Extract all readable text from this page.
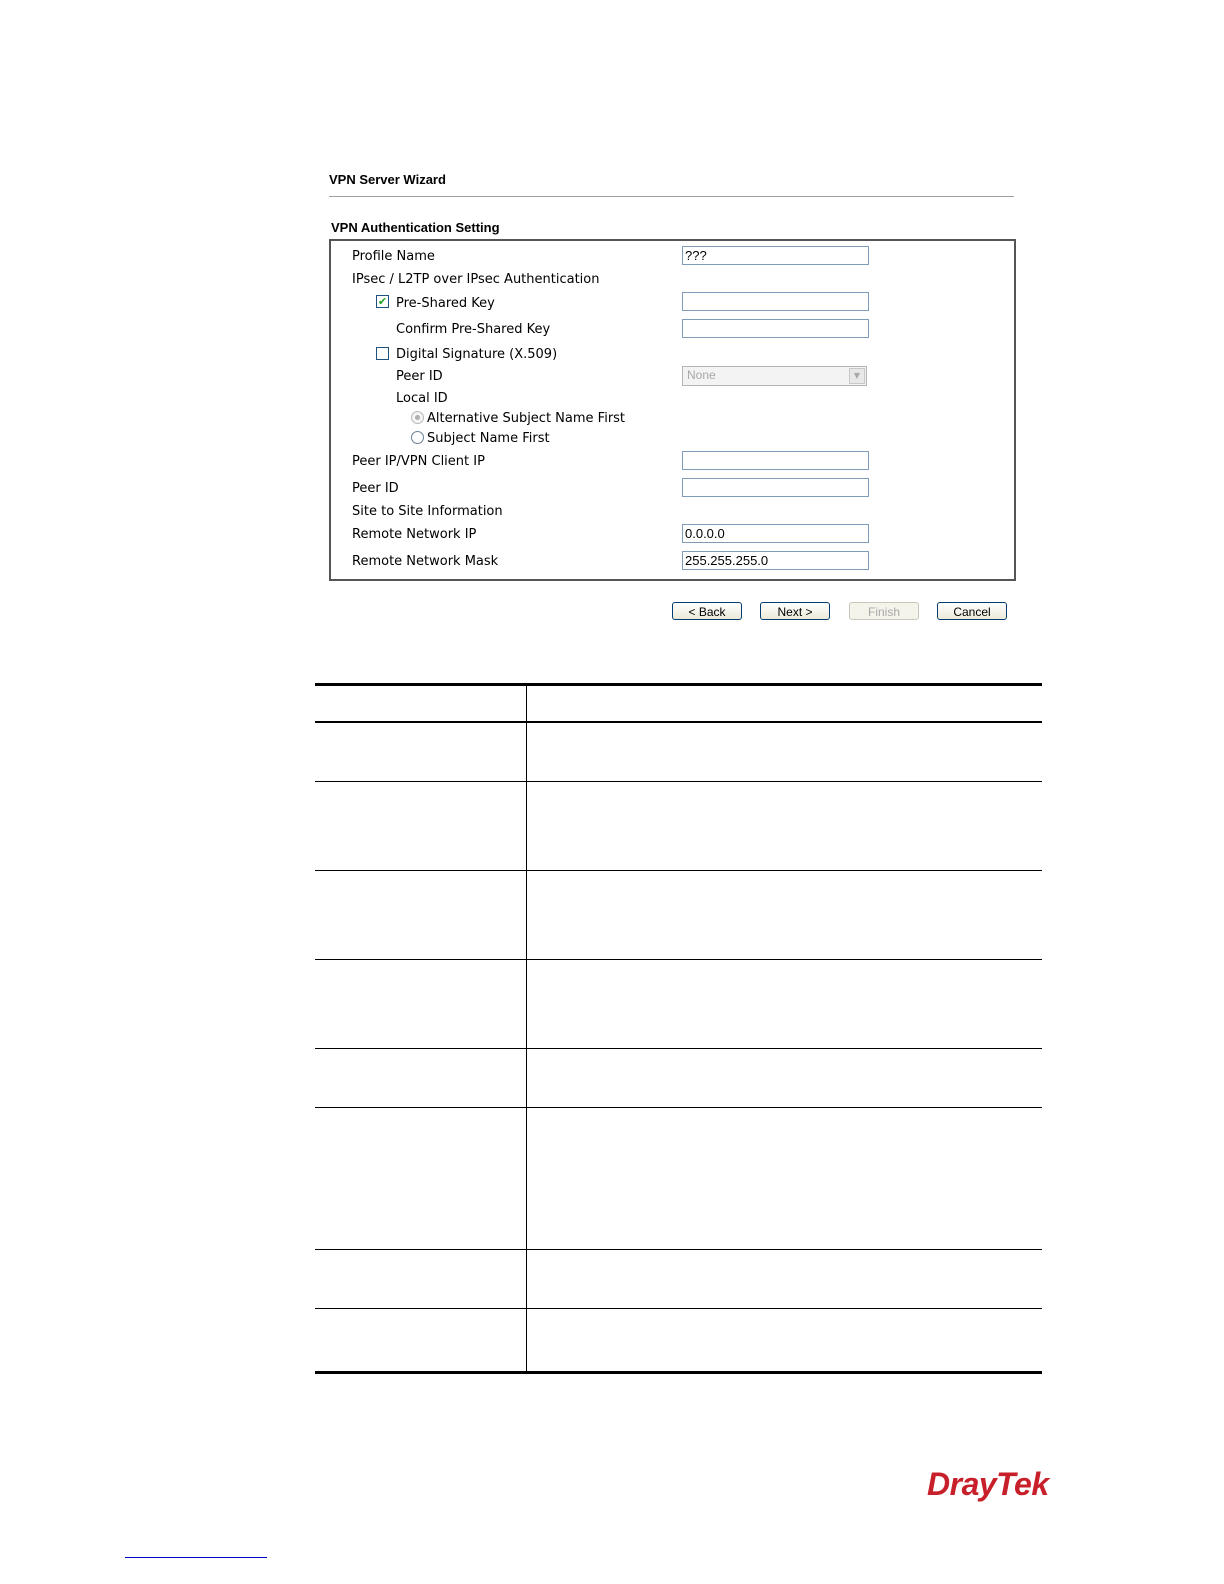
VPN Server Wizard
VPN Authentication Setting
Profile Name	???
IPsec / L2TP over IPsec Authentication
✔ Pre-Shared Key
Confirm Pre-Shared Key
Digital Signature (X.509)
Peer ID	None	▼
Local ID
Alternative Subject Name First
Subject Name First
Peer IP/VPN Client IP
Peer ID
Site to Site Information
Remote Network IP	0.0.0.0
Remote Network Mask	255.255.255.0
< Back	Next >	Finish	Cancel
DrayTek
